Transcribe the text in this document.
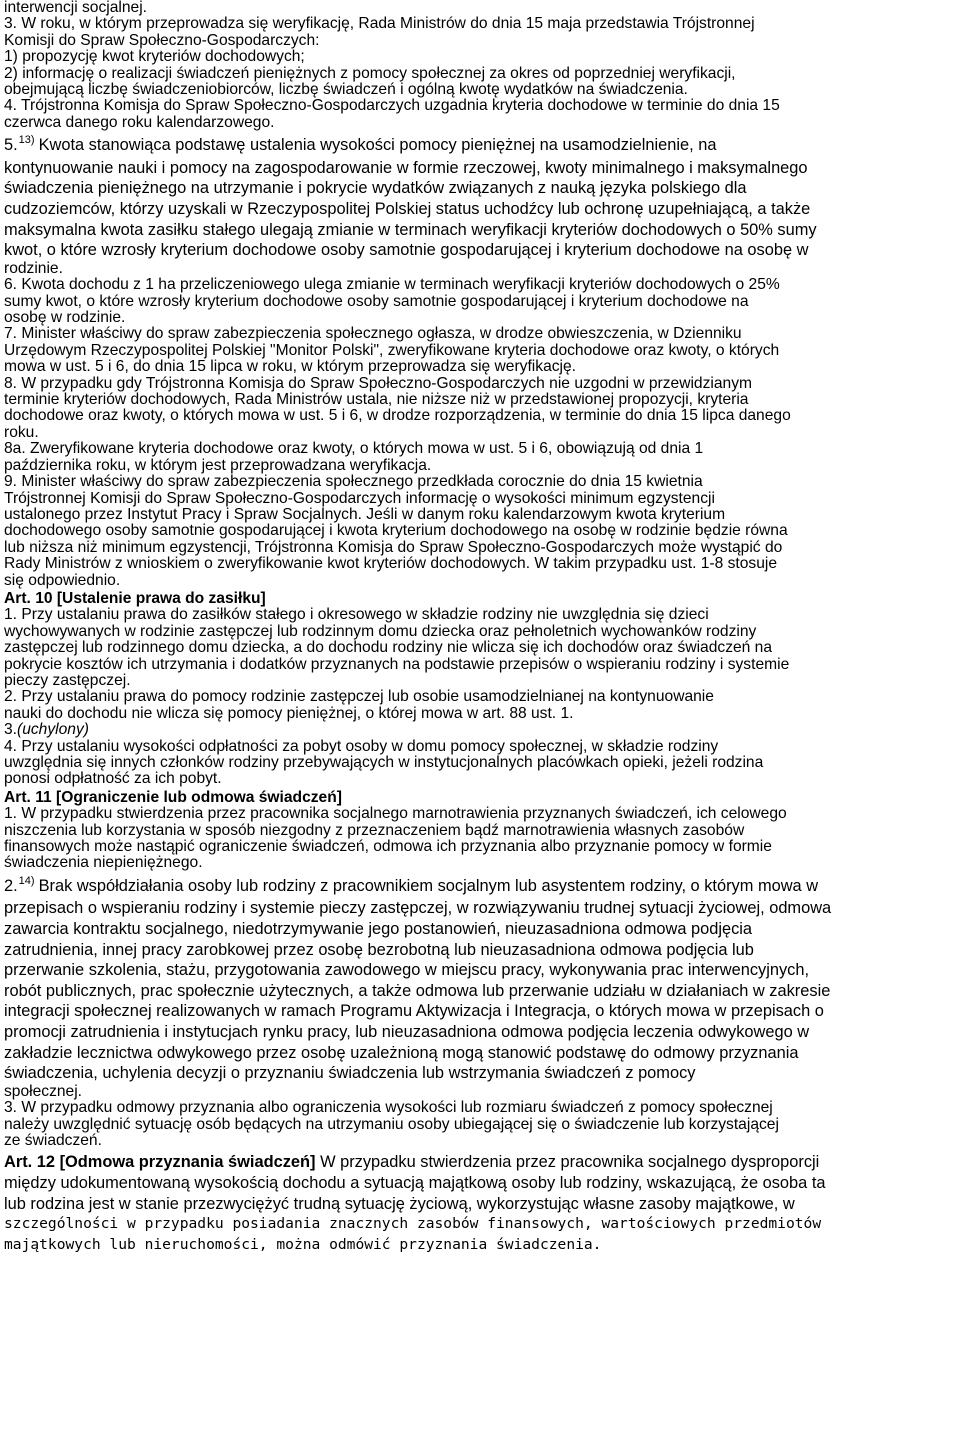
interwencji socjalnej.
3. W roku, w którym przeprowadza się weryfikację, Rada Ministrów do dnia 15 maja przedstawia Trójstronnej
Komisji do Spraw Społeczno-Gospodarczych:
1) propozycję kwot kryteriów dochodowych;
2) informację o realizacji świadczeń pieniężnych z pomocy społecznej za okres od poprzedniej weryfikacji,
obejmującą liczbę świadczeniobiorców, liczbę świadczeń i ogólną kwotę wydatków na świadczenia.
4. Trójstronna Komisja do Spraw Społeczno-Gospodarczych uzgadnia kryteria dochodowe w terminie do dnia 15
czerwca danego roku kalendarzowego.
5.$^{13)}$ Kwota stanowiąca podstawę ustalenia wysokości pomocy pieniężnej na usamodzielnienie, na
kontynuowanie nauki i pomocy na zagospodarowanie w formie rzeczowej, kwoty minimalnego i maksymalnego
świadczenia pieniężnego na utrzymanie i pokrycie wydatków związanych z nauką języka polskiego dla
cudzoziemców, którzy uzyskali w Rzeczypospolitej Polskiej status uchodźcy lub ochronę uzupełniającą, a także
maksymalna kwota zasiłku stałego ulegają zmianie w terminach weryfikacji kryteriów dochodowych o 50% sumy
kwot, o które wzrosły kryterium dochodowe osoby samotnie gospodarującej i kryterium dochodowe na osobę w
rodzinie.
6. Kwota dochodu z 1 ha przeliczeniowego ulega zmianie w terminach weryfikacji kryteriów dochodowych o 25%
sumy kwot, o które wzrosły kryterium dochodowe osoby samotnie gospodarującej i kryterium dochodowe na
osobę w rodzinie.
7. Minister właściwy do spraw zabezpieczenia społecznego ogłasza, w drodze obwieszczenia, w Dzienniku
Urzędowym Rzeczypospolitej Polskiej "Monitor Polski", zweryfikowane kryteria dochodowe oraz kwoty, o których
mowa w ust. 5 i 6, do dnia 15 lipca w roku, w którym przeprowadza się weryfikację.
8. W przypadku gdy Trójstronna Komisja do Spraw Społeczno-Gospodarczych nie uzgodni w przewidzianym
terminie kryteriów dochodowych, Rada Ministrów ustala, nie niższe niż w przedstawionej propozycji, kryteria
dochodowe oraz kwoty, o których mowa w ust. 5 i 6, w drodze rozporządzenia, w terminie do dnia 15 lipca danego
roku.
8a. Zweryfikowane kryteria dochodowe oraz kwoty, o których mowa w ust. 5 i 6, obowiązują od dnia 1
października roku, w którym jest przeprowadzana weryfikacja.
9. Minister właściwy do spraw zabezpieczenia społecznego przedkłada corocznie do dnia 15 kwietnia
Trójstronnej Komisji do Spraw Społeczno-Gospodarczych informację o wysokości minimum egzystencji
ustalonego przez Instytut Pracy i Spraw Socjalnych. Jeśli w danym roku kalendarzowym kwota kryterium
dochodowego osoby samotnie gospodarującej i kwota kryterium dochodowego na osobę w rodzinie będzie równa
lub niższa niż minimum egzystencji, Trójstronna Komisja do Spraw Społeczno-Gospodarczych może wystąpić do
Rady Ministrów z wnioskiem o zweryfikowanie kwot kryteriów dochodowych. W takim przypadku ust. 1-8 stosuje
się odpowiednio.
Art. 10 [Ustalenie prawa do zasiłku]
1. Przy ustalaniu prawa do zasiłków stałego i okresowego w składzie rodziny nie uwzględnia się dzieci
wychowywanych w rodzinie zastępczej lub rodzinnym domu dziecka oraz pełnoletnich wychowanków rodziny
zastępczej lub rodzinnego domu dziecka, a do dochodu rodziny nie wlicza się ich dochodów oraz świadczeń na
pokrycie kosztów ich utrzymania i dodatków przyznanych na podstawie przepisów o wspieraniu rodziny i systemie
pieczy zastępczej.
2. Przy ustalaniu prawa do pomocy rodzinie zastępczej lub osobie usamodzielnianej na kontynuowanie
nauki do dochodu nie wlicza się pomocy pieniężnej, o której mowa w art. 88 ust. 1.
3.(uchylony)
4. Przy ustalaniu wysokości odpłatności za pobyt osoby w domu pomocy społecznej, w składzie rodziny
uwzględnia się innych członków rodziny przebywających w instytucjonalnych placówkach opieki, jeżeli rodzina
ponosi odpłatność za ich pobyt.
Art. 11 [Ograniczenie lub odmowa świadczeń]
1. W przypadku stwierdzenia przez pracownika socjalnego marnotrawienia przyznanych świadczeń, ich celowego
niszczenia lub korzystania w sposób niezgodny z przeznaczeniem bądź marnotrawienia własnych zasobów
finansowych może nastąpić ograniczenie świadczeń, odmowa ich przyznania albo przyznanie pomocy w formie
świadczenia niepieniężnego.
2.$^{14)}$ Brak współdziałania osoby lub rodziny z pracownikiem socjalnym lub asystentem rodziny, o którym mowa w
przepisach o wspieraniu rodziny i systemie pieczy zastępczej, w rozwiązywaniu trudnej sytuacji życiowej, odmowa
zawarcia kontraktu socjalnego, niedotrzymywanie jego postanowień, nieuzasadniona odmowa podjęcia
zatrudnienia, innej pracy zarobkowej przez osobę bezrobotną lub nieuzasadniona odmowa podjęcia lub
przerwanie szkolenia, stażu, przygotowania zawodowego w miejscu pracy, wykonywania prac interwencyjnych,
robót publicznych, prac społecznie użytecznych, a także odmowa lub przerwanie udziału w działaniach w zakresie
integracji społecznej realizowanych w ramach Programu Aktywizacja i Integracja, o których mowa w przepisach o
promocji zatrudnienia i instytucjach rynku pracy, lub nieuzasadniona odmowa podjęcia leczenia odwykowego w
zakładzie lecznictwa odwykowego przez osobę uzależnioną mogą stanowić podstawę do odmowy przyznania
świadczenia, uchylenia decyzji o przyznaniu świadczenia lub wstrzymania świadczeń z pomocy
społecznej.
3. W przypadku odmowy przyznania albo ograniczenia wysokości lub rozmiaru świadczeń z pomocy społecznej
należy uwzględnić sytuację osób będących na utrzymaniu osoby ubiegającej się o świadczenie lub korzystającej
ze świadczeń.
Art. 12 [Odmowa przyznania świadczeń] W przypadku stwierdzenia przez pracownika socjalnego dysproporcji
między udokumentowaną wysokością dochodu a sytuacją majątkową osoby lub rodziny, wskazującą, że osoba ta
lub rodzina jest w stanie przezwyciężyć trudną sytuację życiową, wykorzystując własne zasoby majątkowe, w
szczególności w przypadku posiadania znacznych zasobów finansowych, wartościowych przedmiotów
majątkowych lub nieruchomości, można odmówić przyznania świadczenia.
